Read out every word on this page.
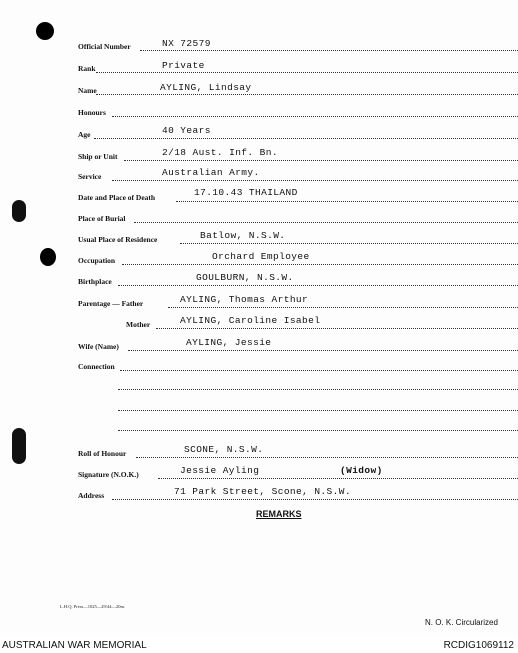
Official Number	NX 72579
Rank	Private
Name	AYLING, Lindsay
Honours
Age	40 Years
Ship or Unit	2/18 Aust. Inf. Bn.
Service	Australian Army.
Date and Place of Death	17.10.43 THAILAND
Place of Burial
Usual Place of Residence	Batlow, N.S.W.
Occupation	Orchard Employee
Birthplace	GOULBURN, N.S.W.
Parentage — Father	AYLING, Thomas Arthur
Mother	AYLING, Caroline Isabel
Wife (Name)	AYLING, Jessie
Connection
Roll of Honour	SCONE, N.S.W.
Signature (N.O.K.)	Jessie Ayling	(Widow)
Address	71 Park Street, Scone, N.S.W.
REMARKS
L.H.Q. Press—1025—29/44—20m.
N. O. K. Circularized
AUSTRALIAN WAR MEMORIAL	RCDIG1069112
